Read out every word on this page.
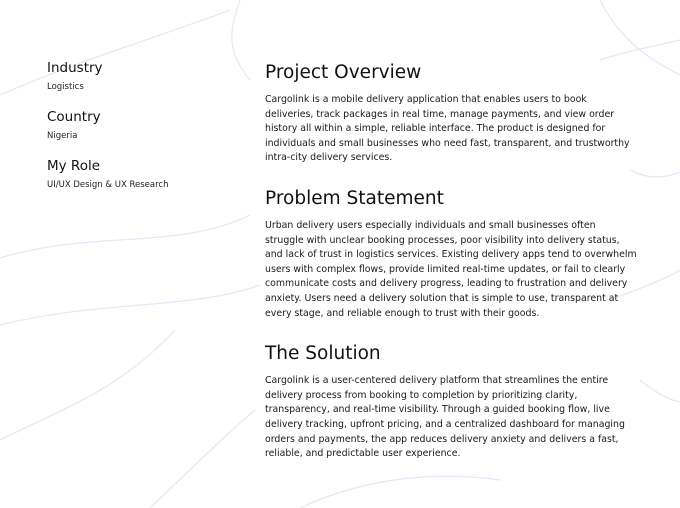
Industry
Logistics
Country
Nigeria
My Role
UI/UX Design & UX Research
Project Overview

Cargolink is a mobile delivery application that enables users to book deliveries, track packages in real time, manage payments, and view order history all within a simple, reliable interface. The product is designed for individuals and small businesses who need fast, transparent, and trustworthy intra-city delivery services.

Problem Statement

Urban delivery users especially individuals and small businesses often struggle with unclear booking processes, poor visibility into delivery status, and lack of trust in logistics services. Existing delivery apps tend to overwhelm users with complex flows, provide limited real-time updates, or fail to clearly communicate costs and delivery progress, leading to frustration and delivery anxiety. Users need a delivery solution that is simple to use, transparent at every stage, and reliable enough to trust with their goods.

The Solution

Cargolink is a user-centered delivery platform that streamlines the entire delivery process from booking to completion by prioritizing clarity, transparency, and real-time visibility. Through a guided booking flow, live delivery tracking, upfront pricing, and a centralized dashboard for managing orders and payments, the app reduces delivery anxiety and delivers a fast, reliable, and predictable user experience.
